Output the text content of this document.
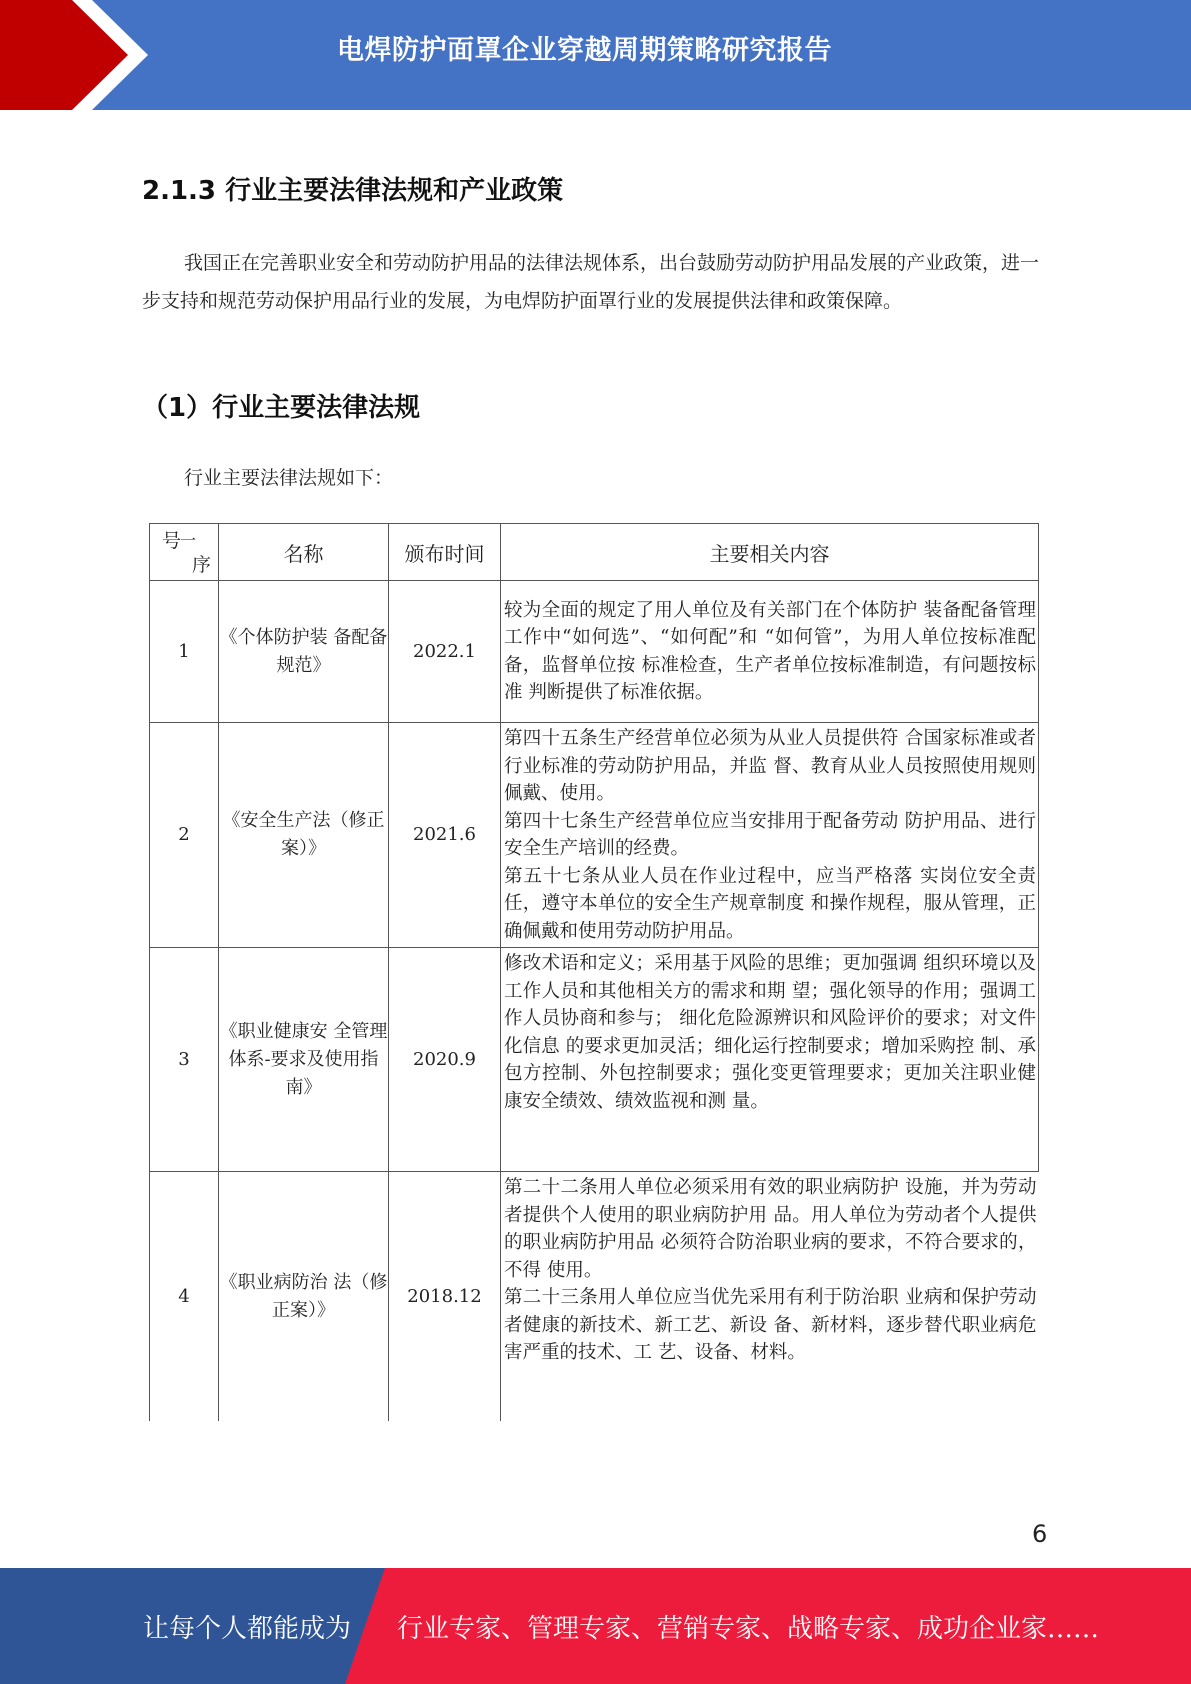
电焊防护面罩企业穿越周期策略研究报告
2.1.3 行业主要法律法规和产业政策
我国正在完善职业安全和劳动防护用品的法律法规体系，出台鼓励劳动防护用品发展的产业政策，进一步支持和规范劳动保护用品行业的发展，为电焊防护面罩行业的发展提供法律和政策保障。
（1）行业主要法律法规
行业主要法律法规如下：
号
一
序	名称	颁布时间	主要相关内容
1	《个体防护装 备配备规范》	2022.1	较为全面的规定了用人单位及有关部门在个体防护 装备配备管理工作中“如何选”、“如何配”和 “如何管”，为用人单位按标准配备，监督单位按 标准检查，生产者单位按标准制造，有问题按标准 判断提供了标准依据。

2	《安全生产法（修正案）》	2021.6	第四十五条生产经营单位必须为从业人员提供符 合国家标准或者行业标准的劳动防护用品，并监 督、教育从业人员按照使用规则佩戴、使用。

第四十七条生产经营单位应当安排用于配备劳动 防护用品、进行安全生产培训的经费。

第五十七条从业人员在作业过程中，应当严格落 实岗位安全责任，遵守本单位的安全生产规章制度 和操作规程，服从管理，正确佩戴和使用劳动防护用品。

3	《职业健康安 全管理体系-要求及使用指 南》	2020.9	修改术语和定义；采用基于风险的思维；更加强调 组织环境以及工作人员和其他相关方的需求和期 望；强化领导的作用；强调工作人员协商和参与； 细化危险源辨识和风险评价的要求；对文件化信息 的要求更加灵活；细化运行控制要求；增加采购控 制、承包方控制、外包控制要求；强化变更管理要求；更加关注职业健康安全绩效、绩效监视和测 量。

4	《职业病防治 法（修正案）》	2018.12	第二十二条用人单位必须采用有效的职业病防护 设施，并为劳动者提供个人使用的职业病防护用 品。用人单位为劳动者个人提供的职业病防护用品 必须符合防治职业病的要求，不符合要求的，不得 使用。

第二十三条用人单位应当优先采用有利于防治职 业病和保护劳动者健康的新技术、新工艺、新设 备、新材料，逐步替代职业病危害严重的技术、工 艺、设备、材料。

6
让每个人都能成为 行业专家、管理专家、营销专家、战略专家、成功企业家……
